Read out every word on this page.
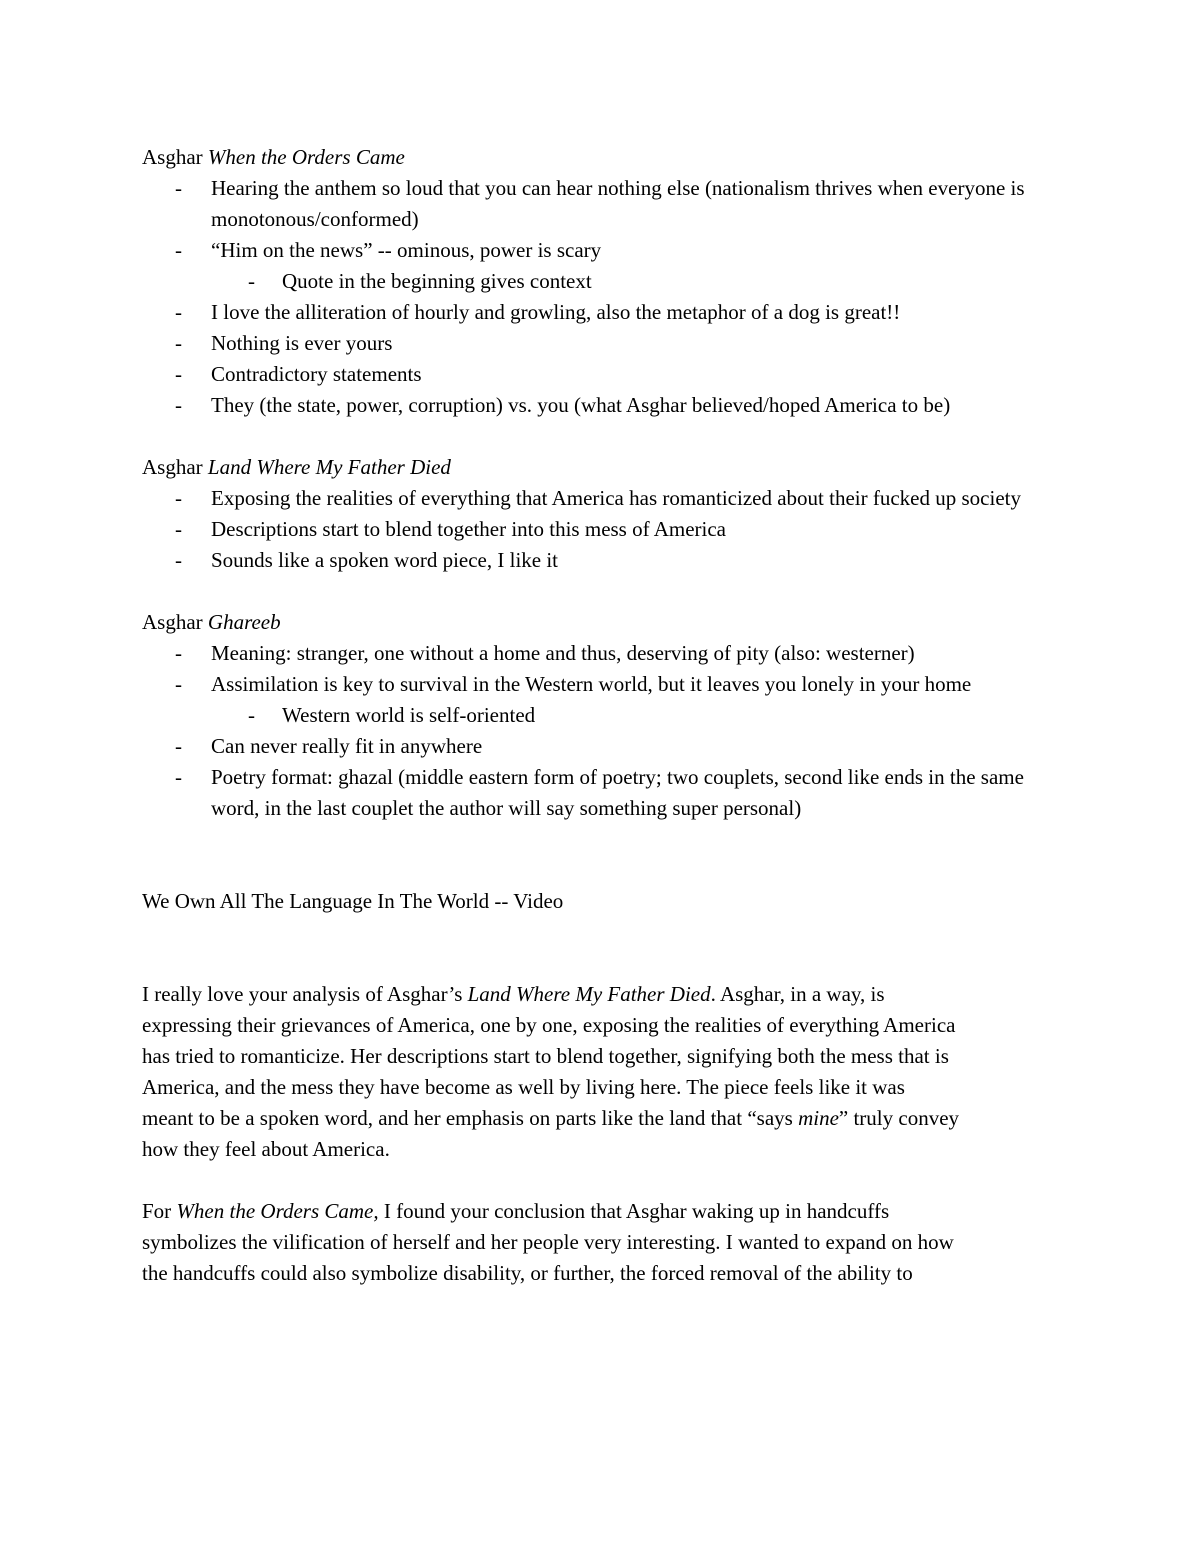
Asghar When the Orders Came
- Hearing the anthem so loud that you can hear nothing else (nationalism thrives when everyone is monotonous/conformed)
- “Him on the news” -- ominous, power is scary
- Quote in the beginning gives context
- I love the alliteration of hourly and growling, also the metaphor of a dog is great!!
- Nothing is ever yours
- Contradictory statements
- They (the state, power, corruption) vs. you (what Asghar believed/hoped America to be)
Asghar Land Where My Father Died
- Exposing the realities of everything that America has romanticized about their fucked up society
- Descriptions start to blend together into this mess of America
- Sounds like a spoken word piece, I like it
Asghar Ghareeb
- Meaning: stranger, one without a home and thus, deserving of pity (also: westerner)
- Assimilation is key to survival in the Western world, but it leaves you lonely in your home
- Western world is self-oriented
- Can never really fit in anywhere
- Poetry format: ghazal (middle eastern form of poetry; two couplets, second like ends in the same word, in the last couplet the author will say something super personal)
We Own All The Language In The World -- Video
I really love your analysis of Asghar’s Land Where My Father Died. Asghar, in a way, is
expressing their grievances of America, one by one, exposing the realities of everything America
has tried to romanticize. Her descriptions start to blend together, signifying both the mess that is
America, and the mess they have become as well by living here. The piece feels like it was
meant to be a spoken word, and her emphasis on parts like the land that “says mine” truly convey
how they feel about America.
For When the Orders Came, I found your conclusion that Asghar waking up in handcuffs
symbolizes the vilification of herself and her people very interesting. I wanted to expand on how
the handcuffs could also symbolize disability, or further, the forced removal of the ability to
